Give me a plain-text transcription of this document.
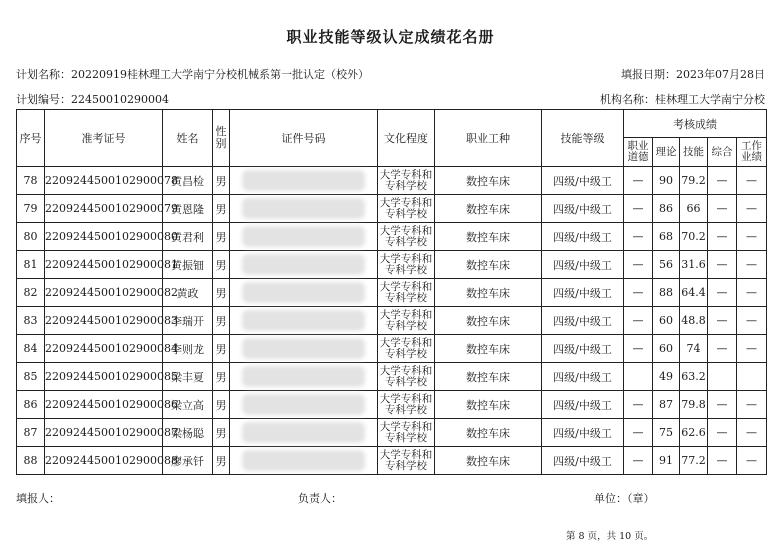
职业技能等级认定成绩花名册
计划名称：20220919桂林理工大学南宁分校机械系第一批认定（校外）	填报日期：2023年07月28日
计划编号：22450010290004	机构名称：桂林理工大学南宁分校
序号	准考证号	姓名	性别	证件号码	文化程度	职业工种	技能等级	考核成绩				
								职业道德	理论	技能	综合	工作业绩
78	2209244500102900078	黄昌检	男		大学专科和专科学校	数控车床	四级/中级工	—	90	79.2	—	—
79	2209244500102900079	黄恩隆	男		大学专科和专科学校	数控车床	四级/中级工	—	86	66	—	—
80	2209244500102900080	黄君利	男		大学专科和专科学校	数控车床	四级/中级工	—	68	70.2	—	—
81	2209244500102900081	黄振钿	男		大学专科和专科学校	数控车床	四级/中级工	—	56	31.6	—	—
82	2209244500102900082	黄政	男		大学专科和专科学校	数控车床	四级/中级工	—	88	64.4	—	—
83	2209244500102900083	李瑞开	男		大学专科和专科学校	数控车床	四级/中级工	—	60	48.8	—	—
84	2209244500102900084	李则龙	男		大学专科和专科学校	数控车床	四级/中级工	—	60	74	—	—
85	2209244500102900085	梁丰夏	男		大学专科和专科学校	数控车床	四级/中级工		49	63.2		
86	2209244500102900086	梁立高	男		大学专科和专科学校	数控车床	四级/中级工	—	87	79.8	—	—
87	2209244500102900087	梁杨聪	男		大学专科和专科学校	数控车床	四级/中级工	—	75	62.6	—	—
88	2209244500102900088	廖承钎	男		大学专科和专科学校	数控车床	四级/中级工	—	91	77.2	—	—
填报人：	负责人：	单位：（章）
第 8 页，共 10 页。
